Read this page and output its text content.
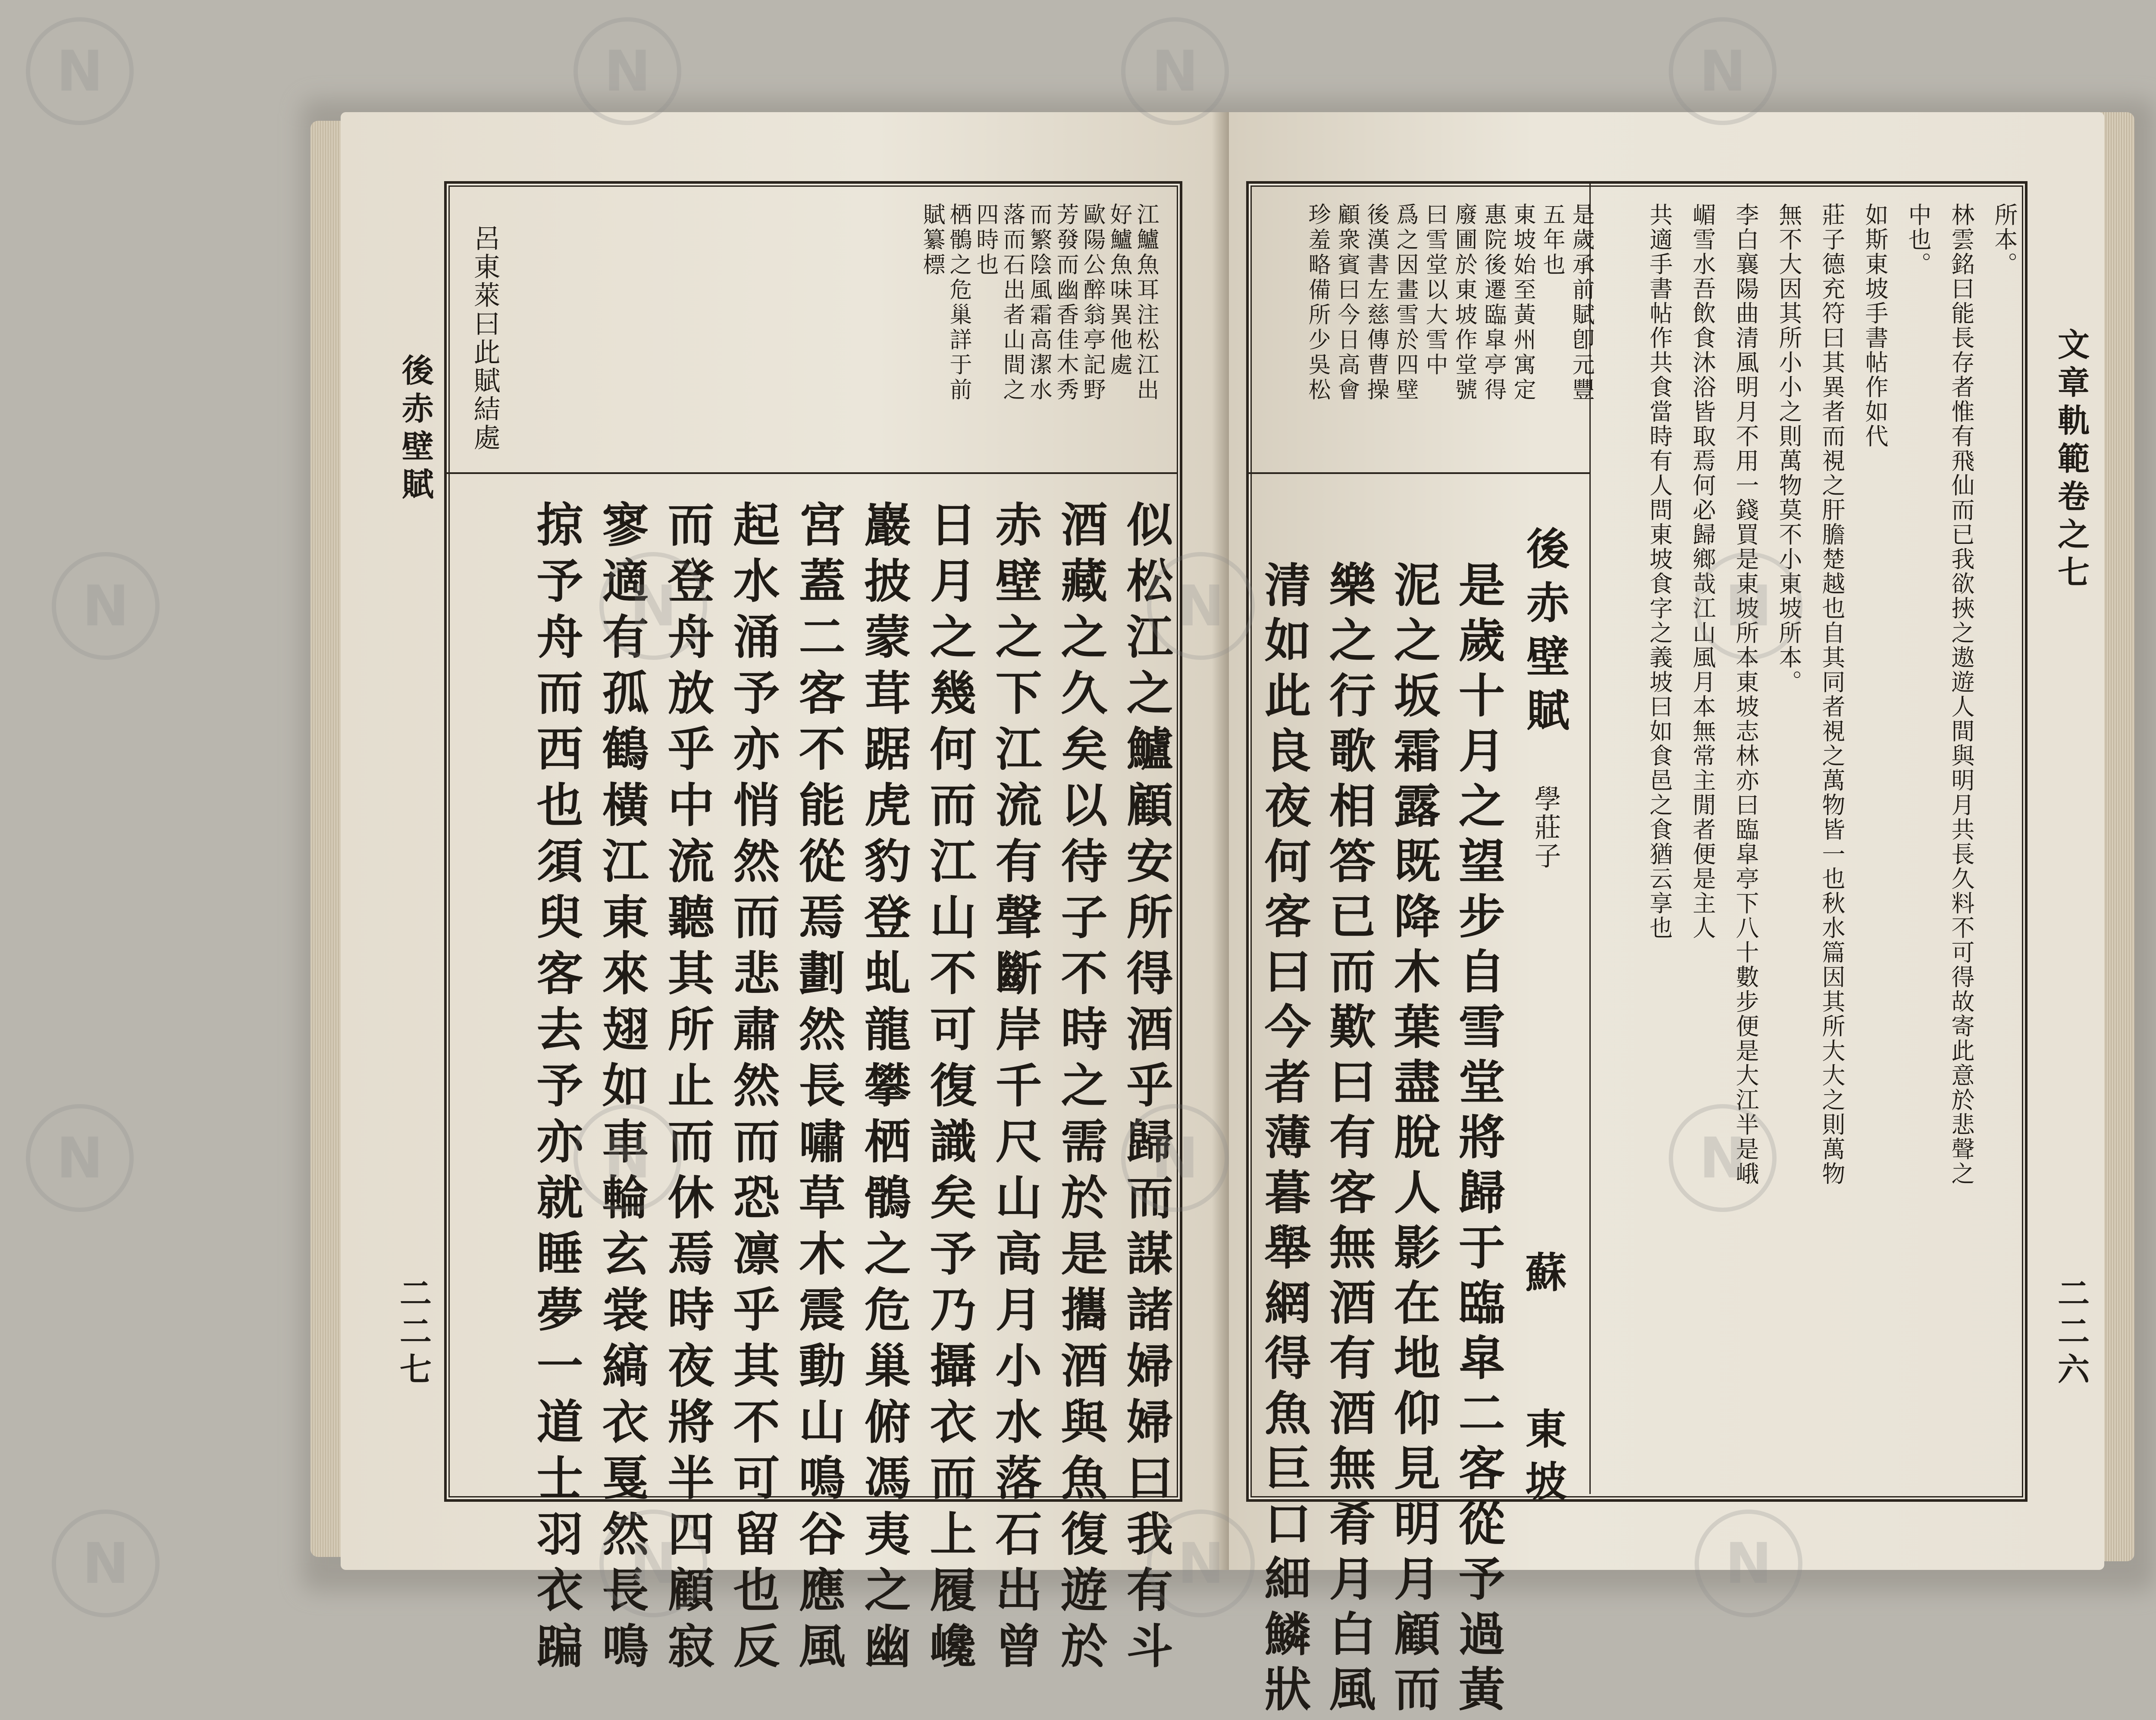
後赤壁賦
二二七
呂東萊曰此賦結處	江鱸魚耳注松江出
好鱸魚味異他處
歐陽公醉翁亭記野
芳發而幽香佳木秀
而繁陰風霜高潔水
落而石出者山間之
四時也
栖鶻之危巢詳于前
賦纂標
似松江之鱸顧安所得酒乎歸而謀諸婦婦曰我有斗
酒藏之久矣以待子不時之需於是攜酒與魚復遊於
赤壁之下江流有聲斷岸千尺山高月小水落石出曾
日月之幾何而江山不可復識矣予乃攝衣而上履巉
巖披蒙茸踞虎豹登虬龍攀栖鶻之危巢俯馮夷之幽
宮蓋二客不能從焉劃然長嘯草木震動山鳴谷應風
起水涌予亦悄然而悲肅然而恐凛乎其不可留也反
而登舟放乎中流聽其所止而休焉時夜將半四顧寂
寥適有孤鶴橫江東來翅如車輪玄裳縞衣戛然長鳴
掠予舟而西也須臾客去予亦就睡夢一道士羽衣蹁
文章軌範卷之七
二二六
所本。
林雲銘曰能長存者惟有飛仙而已我欲挾之遨遊人間與明月共長久料不可得故寄此意於悲聲之
中也。
如斯東坡手書帖作如代
莊子德充符曰其異者而視之肝膽楚越也自其同者視之萬物皆一也秋水篇因其所大大之則萬物
無不大因其所小小之則萬物莫不小東坡所本。
李白襄陽曲清風明月不用一錢買是東坡所本東坡志林亦曰臨皐亭下八十數步便是大江半是峨
嵋雪水吾飲食沐浴皆取焉何必歸鄉哉江山風月本無常主閒者便是主人
共適手書帖作共食當時有人問東坡食字之義坡曰如食邑之食猶云享也
是歲承前賦卽元豐
五年也
東坡始至黃州寓定
惠院後遷臨皐亭得
廢圃於東坡作堂號
曰雪堂以大雪中
爲之因畫雪於四壁
後漢書左慈傳曹操
顧衆賓曰今日高會
珍羞略備所少吳松
後赤壁賦
學莊子
蘇　　東坡
是歲十月之望步自雪堂將歸于臨皐二客從予過黃
泥之坂霜露既降木葉盡脫人影在地仰見明月顧而
樂之行歌相答已而歎曰有客無酒有酒無肴月白風
清如此良夜何客曰今者薄暮舉網得魚巨口細鱗狀
N
N
N
N
N
N
N
N
N
N
N
N
N
N
N
N
